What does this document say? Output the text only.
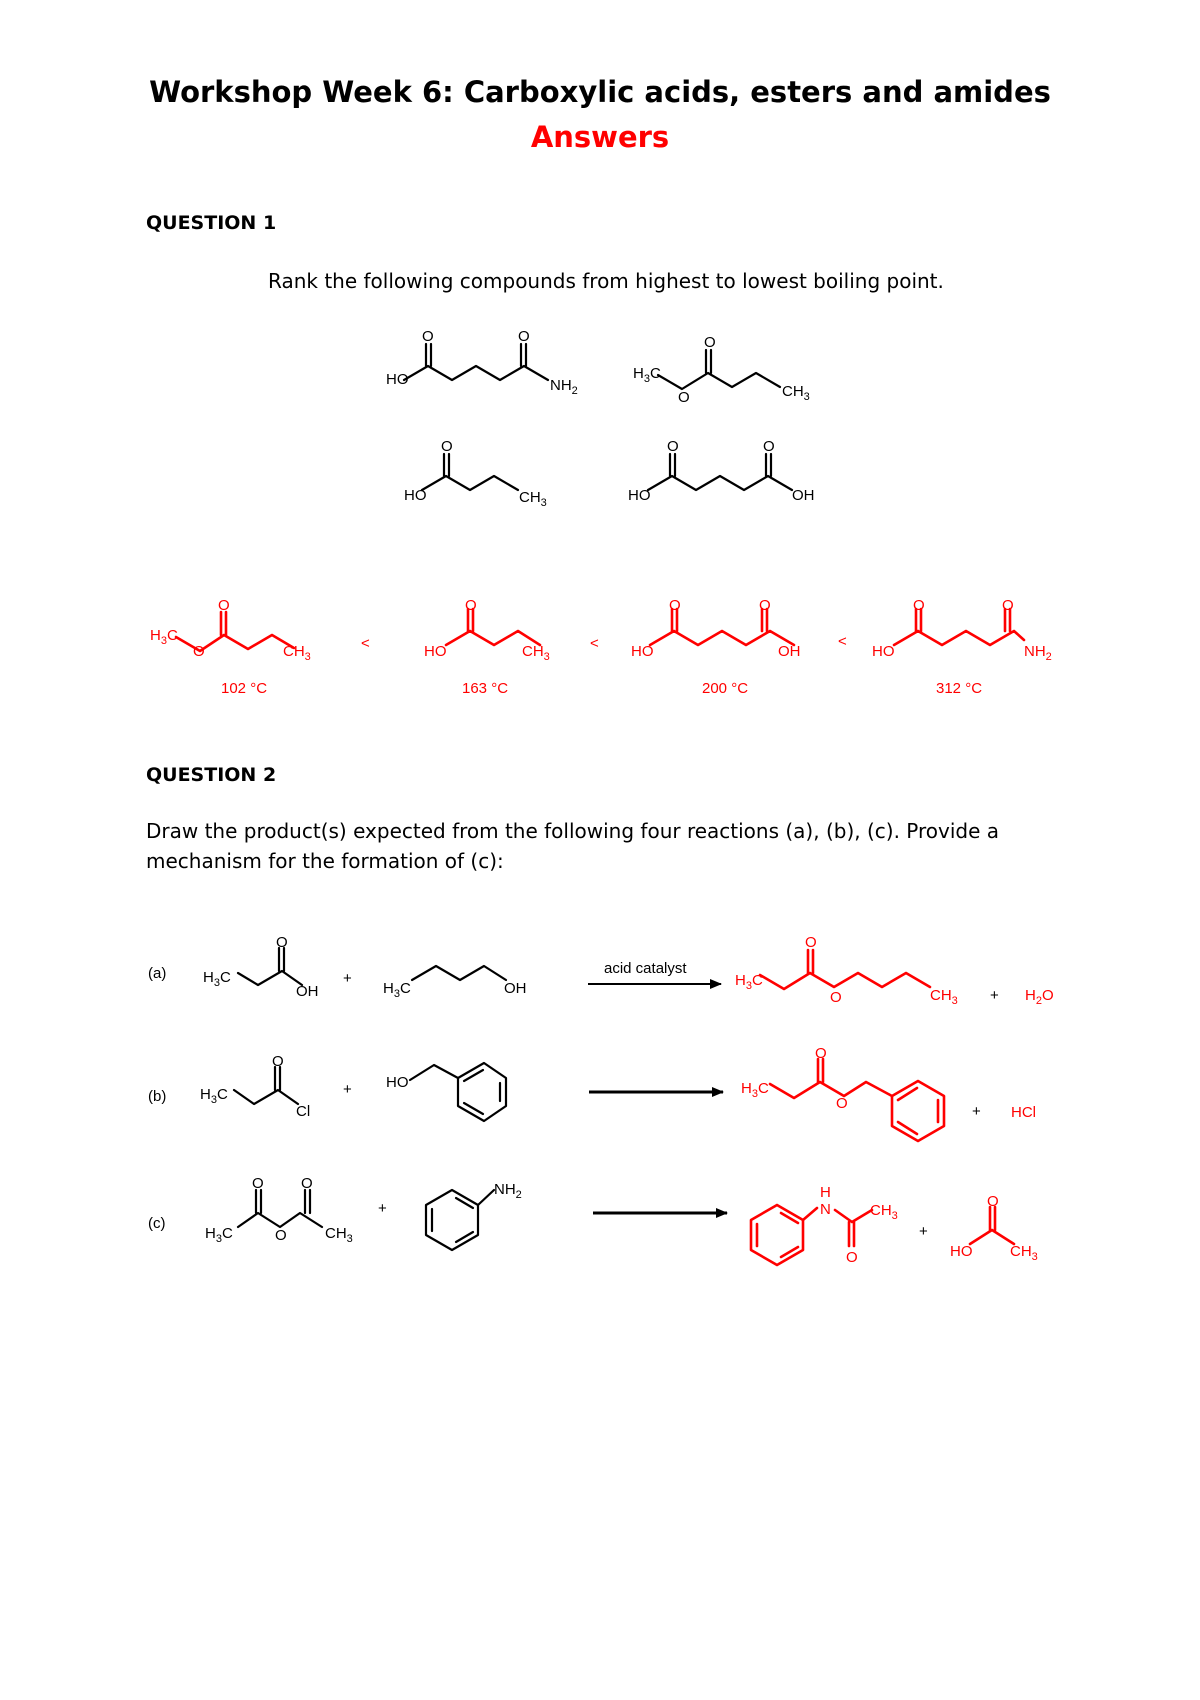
Workshop Week 6: Carboxylic acids, esters and amides
Answers
QUESTION 1
Rank the following compounds from highest to lowest boiling point.
QUESTION 2
Draw the product(s) expected from the following four reactions (a), (b), (c). Provide a
mechanism for the formation of (c):
O	O
HO	$NH_2$
O
O
$H_3C$
$CH_3$
O
HO	$CH_3$
O	O
HO	OH
O
O
$H_3C$
$CH_3$
102 °C
<
O
HO	$CH_3$
163 °C
<
O	O
HO	OH
200 °C
<
O	O
HO	$NH_2$
312 °C
(a)
O
$H_3C$
OH
+
$H_3C$	OH
acid catalyst
O
O
$H_3C$
$CH_3 + H_2O$
(b)
O
$H_3C$
Cl
+ HO
O
O
$H_3C$
+ HCl
(c)
O O
O
$H_3C$	$CH_3$
+
$NH_2$	H
N
O
$CH_3$
+
O
HO	$CH_3$
